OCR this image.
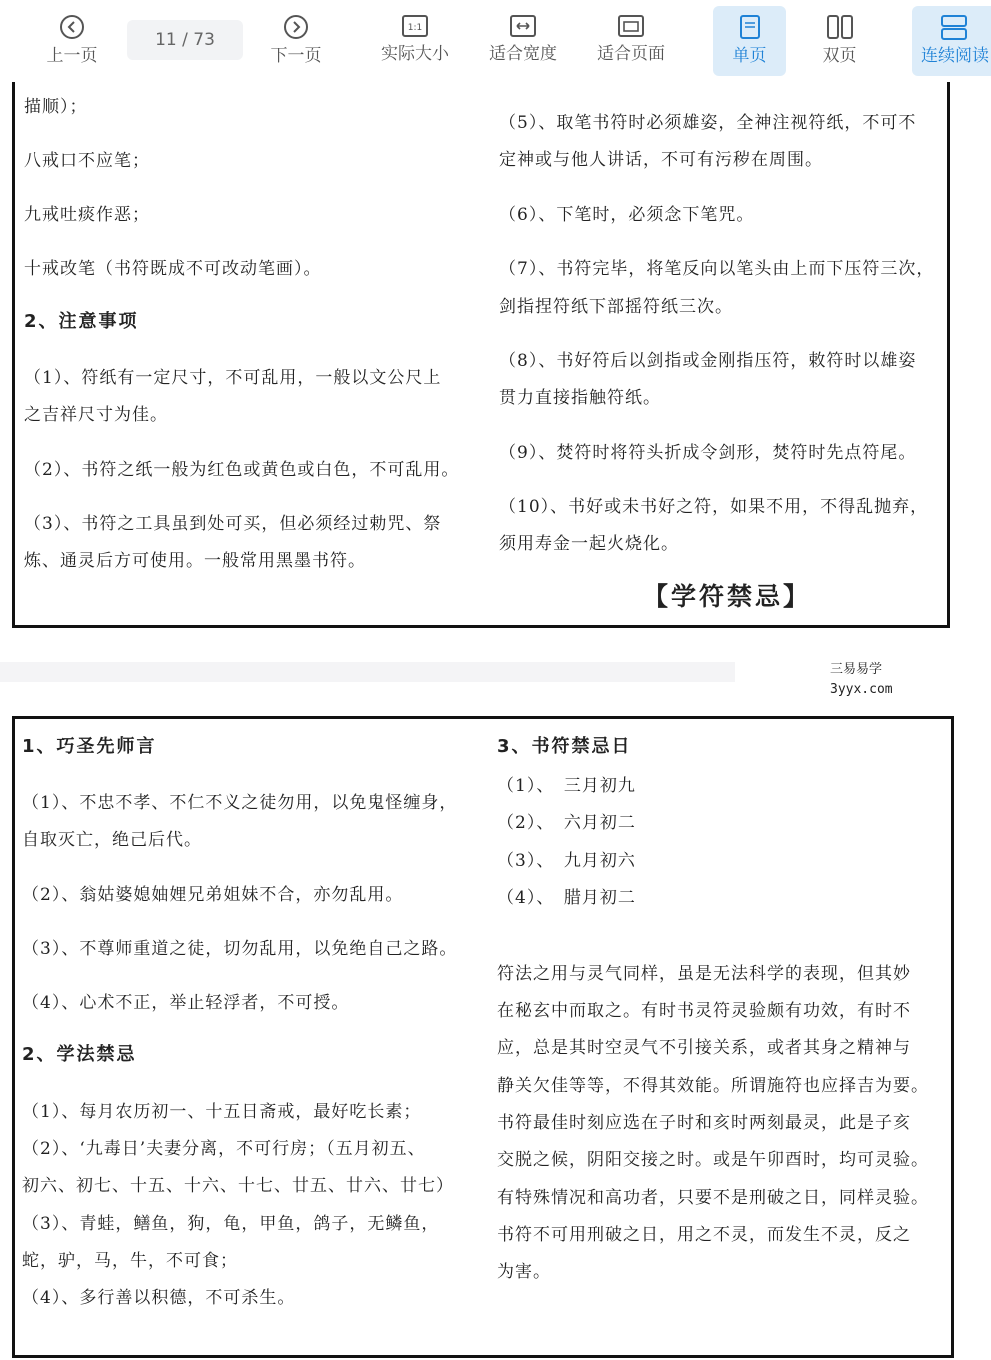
上一页
11 / 73
下一页
1:1
实际大小 适合宽度 适合页面	单页	双页	连续阅读
描顺）；
八戒口不应笔；
九戒吐痰作恶；
十戒改笔（书符既成不可改动笔画）。
2、注意事项
（1）、符纸有一定尺寸，不可乱用，一般以文公尺上
之吉祥尺寸为佳。
（2）、书符之纸一般为红色或黄色或白色，不可乱用。
（3）、书符之工具虽到处可买，但必须经过勅咒、祭
炼、通灵后方可使用。一般常用黑墨书符。
（5）、取笔书符时必须雄姿，全神注视符纸，不可不
定神或与他人讲话，不可有污秽在周围。
（6）、下笔时，必须念下笔咒。
（7）、书符完毕，将笔反向以笔头由上而下压符三次，
剑指捏符纸下部摇符纸三次。
（8）、书好符后以剑指或金刚指压符，敕符时以雄姿
贯力直接指触符纸。
（9）、焚符时将符头折成令剑形，焚符时先点符尾。
（10）、书好或未书好之符，如果不用，不得乱抛弃，
须用寿金一起火烧化。
【学符禁忌】
三易易学
3yyx.com
1、巧圣先师言
（1）、不忠不孝、不仁不义之徒勿用，以免鬼怪缠身，
自取灭亡，绝己后代。
（2）、翁姑婆媳妯娌兄弟姐妹不合，亦勿乱用。
（3）、不尊师重道之徒，切勿乱用，以免绝自己之路。
（4）、心术不正，举止轻浮者，不可授。
2、学法禁忌
（1）、每月农历初一、十五日斋戒，最好吃长素；
（2）、‘九毒日’夫妻分离，不可行房；（五月初五、
初六、初七、十五、十六、十七、廿五、廿六、廿七）
（3）、青蛙，鳝鱼，狗，龟，甲鱼，鸽子，无鳞鱼，
蛇，驴，马，牛，不可食；
（4）、多行善以积德，不可杀生。
3、书符禁忌日
（1）、　三月初九
（2）、　六月初二
（3）、　九月初六
（4）、　腊月初二
符法之用与灵气同样，虽是无法科学的表现，但其妙
在秘玄中而取之。有时书灵符灵验颇有功效，有时不
应，总是其时空灵气不引接关系，或者其身之精神与
静关欠佳等等，不得其效能。所谓施符也应择吉为要。
书符最佳时刻应选在子时和亥时两刻最灵，此是子亥
交脱之候，阴阳交接之时。或是午卯酉时，均可灵验。
有特殊情况和高功者，只要不是刑破之日，同样灵验。
书符不可用刑破之日，用之不灵，而发生不灵，反之
为害。
